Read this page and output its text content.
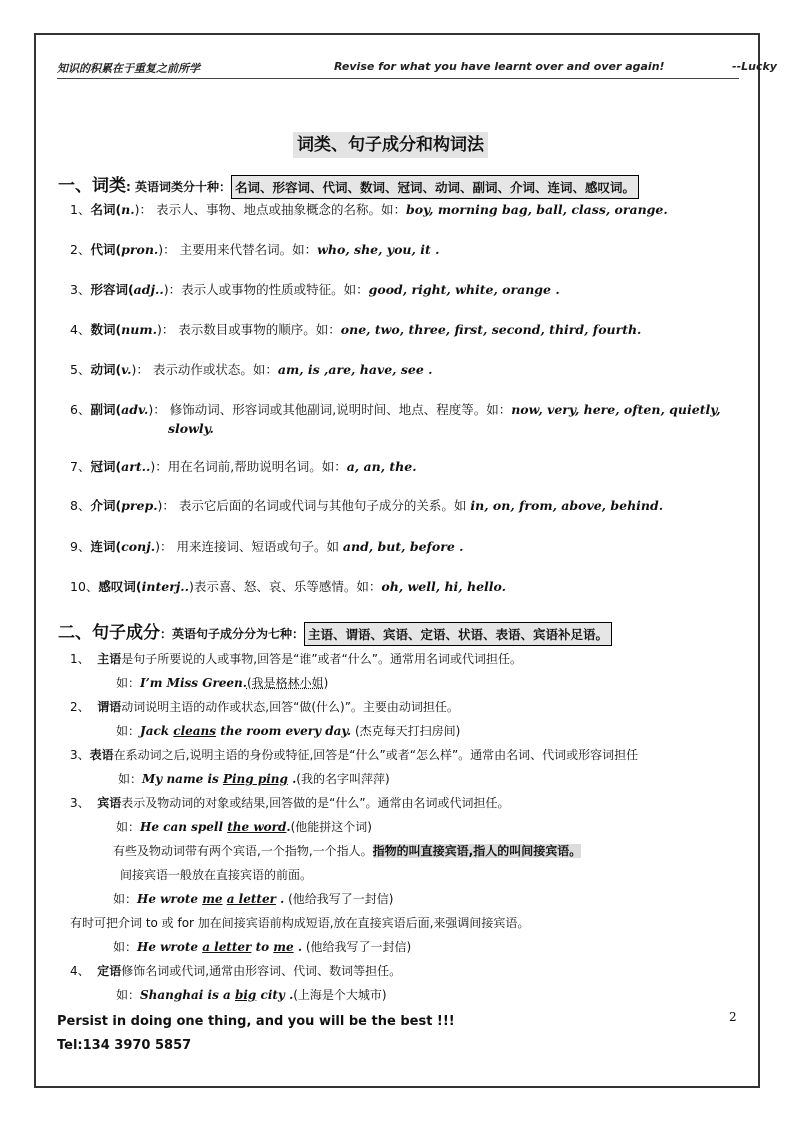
知识的积累在于重复之前所学	Revise for what you have learnt over and over again!	--Lucky
词类、句子成分和构词法
一、词类: 英语词类分十种： 名词、形容词、代词、数词、冠词、动词、副词、介词、连词、感叹词。
1、名词(n.)： 表示人、事物、地点或抽象概念的名称。如：boy, morning bag, ball, class, orange.
2、代词(pron.)： 主要用来代替名词。如：who, she, you, it .
3、形容词(adj..)：表示人或事物的性质或特征。如：good, right, white, orange .
4、数词(num.)： 表示数目或事物的顺序。如：one, two, three, first, second, third, fourth.
5、动词(v.)： 表示动作或状态。如：am, is ,are, have, see .
6、副词(adv.)： 修饰动词、形容词或其他副词,说明时间、地点、程度等。如：now, very, here, often, quietly,
7、冠词(art..)：用在名词前,帮助说明名词。如：a, an, the.
8、介词(prep.)： 表示它后面的名词或代词与其他句子成分的关系。如 in, on, from, above, behind.
9、连词(conj.)： 用来连接词、短语或句子。如 and, but, before .
10、感叹词(interj..)表示喜、怒、哀、乐等感情。如：oh, well, hi, hello.
slowly.
二、句子成分：英语句子成分分为七种： 主语、谓语、宾语、定语、状语、表语、宾语补足语。
1、 主语是句子所要说的人或事物,回答是“谁”或者“什么”。通常用名词或代词担任。
如：I’m Miss Green.(我是格林小姐)
2、 谓语动词说明主语的动作或状态,回答“做(什么)”。主要由动词担任。
如：Jack cleans the room every day. (杰克每天打扫房间)
3、表语在系动词之后,说明主语的身份或特征,回答是“什么”或者“怎么样”。通常由名词、代词或形容词担任
如：My name is Ping ping .(我的名字叫萍萍)
3、 宾语表示及物动词的对象或结果,回答做的是“什么”。通常由名词或代词担任。
如：He can spell the word.(他能拼这个词)
有些及物动词带有两个宾语,一个指物,一个指人。指物的叫直接宾语,指人的叫间接宾语。
间接宾语一般放在直接宾语的前面。
如：He wrote me a letter . (他给我写了一封信)
有时可把介词 to 或 for 加在间接宾语前构成短语,放在直接宾语后面,来强调间接宾语。
如：He wrote a letter to me . (他给我写了一封信)
4、 定语修饰名词或代词,通常由形容词、代词、数词等担任。
如：Shanghai is a big city .(上海是个大城市)
Persist in doing one thing, and you will be the best !!!
Tel:134 3970 5857
2
